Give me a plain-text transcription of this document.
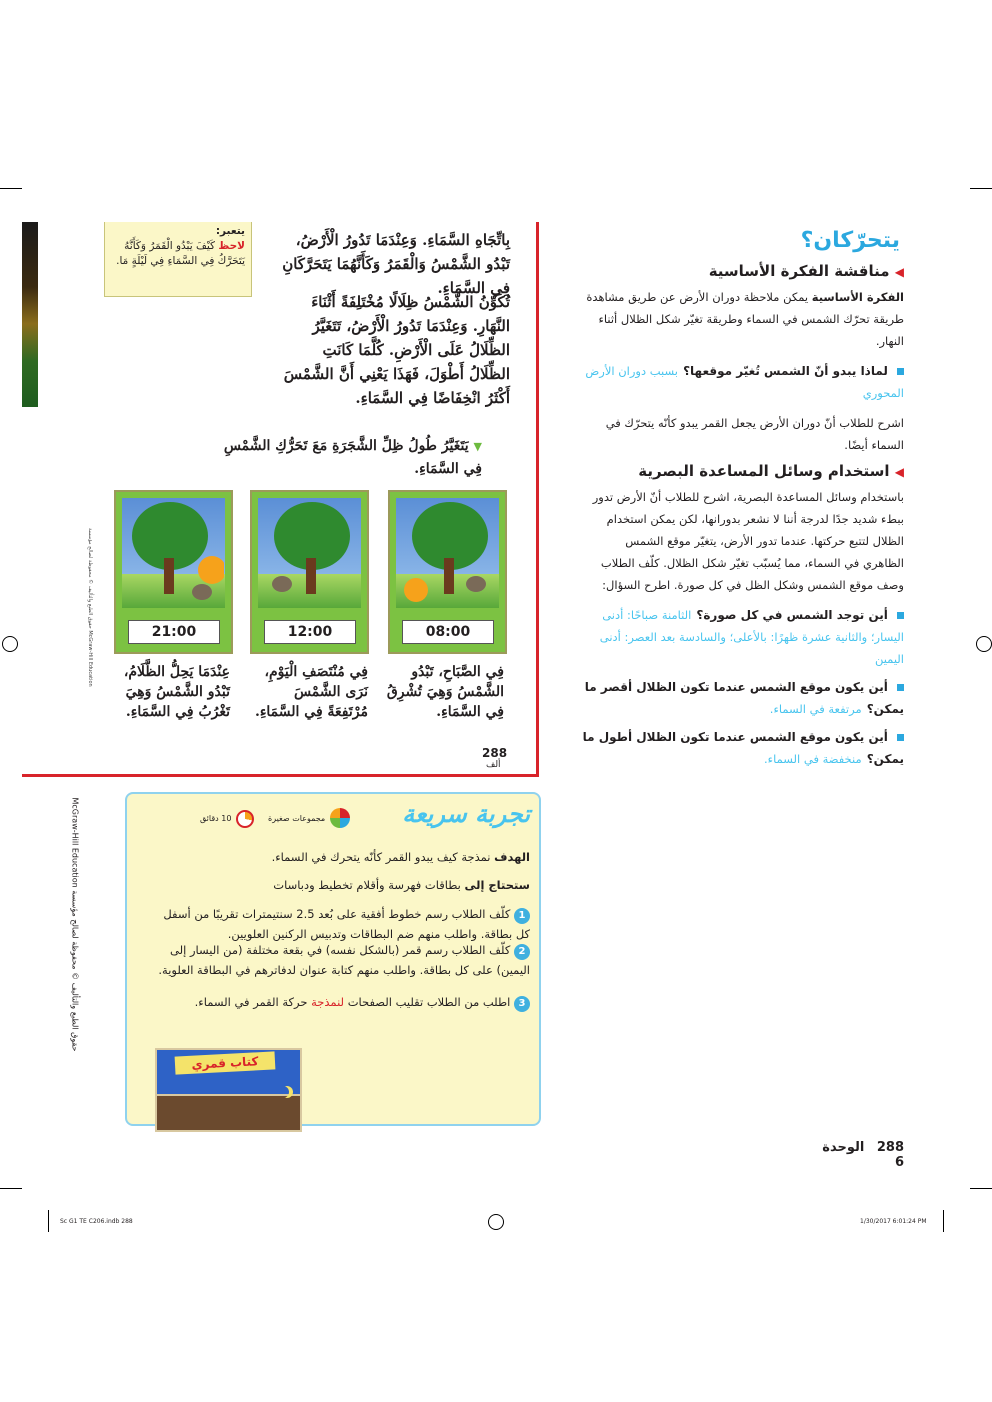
يتعبر:
لاحظ كَيْفَ يَبْدُو الْقَمَرُ وَكَأَنَّهُ يَتَحَرَّكُ فِي السَّمَاءِ فِي لَيْلَةٍ مَا.
بِاتِّجَاهِ السَّمَاءِ. وَعِنْدَمَا تَدُورُ الْأَرْضُ، تَبْدُو الشَّمْسُ وَالْقَمَرُ وَكَأَنَّهُمَا يَتَحَرَّكَانِ فِي السَّمَاءِ.
تُكَوِّنُ الشَّمْسُ ظِلَالًا مُخْتَلِفَةً أَثْنَاءَ النَّهَارِ. وَعِنْدَمَا تَدُورُ الْأَرْضُ، تَتَغَيَّرُ الظِّلَالُ عَلَى الْأَرْضِ. كُلَّمَا كَانَتِ الظِّلَالُ أَطْوَلَ، فَهَذَا يَعْنِي أَنَّ الشَّمْسَ أَكْثَرُ انْخِفَاضًا فِي السَّمَاءِ.
▼ يَتَغَيَّرُ طُولُ ظِلِّ الشَّجَرَةِ مَعَ تَحَرُّكِ الشَّمْسِ فِي السَّمَاءِ.
08:00
12:00
21:00
فِي الصَّبَاحِ، تَبْدُو الشَّمْسُ وَهِيَ تُشْرِقُ فِي السَّمَاءِ.
فِي مُنْتَصَفِ الْيَوْمِ، نَرَى الشَّمْسَ مُرْتَفِعَةً فِي السَّمَاءِ.
عِنْدَمَا يَحِلُّ الظَّلَامُ، تَبْدُو الشَّمْسُ وَهِيَ تَغْرُبُ فِي السَّمَاءِ.
288
ألف
حقوق الطبع والتأليف © محفوظة لصالح مؤسسة McGraw-Hill Education
يتحرّكان؟
◀ مناقشة الفكرة الأساسية
الفكرة الأساسية يمكن ملاحظة دوران الأرض عن طريق مشاهدة طريقة تحرّك الشمس في السماء وطريقة تغيّر شكل الظلال أثناء النهار.
لماذا يبدو أنّ الشمس تُغيّر موقعها؟ بسبب دوران الأرض المحوري
اشرح للطلاب أنّ دوران الأرض يجعل القمر يبدو كأنّه يتحرّك في السماء أيضًا.
◀ استخدام وسائل المساعدة البصرية
باستخدام وسائل المساعدة البصرية، اشرح للطلاب أنّ الأرض تدور ببطء شديد جدًا لدرجة أننا لا نشعر بدورانها، لكن يمكن استخدام الظلال لتتبع حركتها. عندما تدور الأرض، يتغيّر موقع الشمس الظاهري في السماء، مما يُسبّب تغيّر شكل الظلال. كلّف الطلاب وصف موقع الشمس وشكل الظل في كل صورة. اطرح السؤال:
أين توجد الشمس في كل صورة؟ الثامنة صباحًا: أدنى اليسار؛ والثانية عشرة ظهرًا: بالأعلى؛ والسادسة بعد العصر: أدنى اليمين
أين يكون موقع الشمس عندما تكون الظلال أقصر ما يمكن؟ مرتفعة في السماء.
أين يكون موقع الشمس عندما تكون الظلال أطول ما يمكن؟ منخفضة في السماء.
تجربة سريعة
مجموعات صغيرة
10 دقائق
الهدف نمذجة كيف يبدو القمر كأنّه يتحرك في السماء.
ستحتاج إلى بطاقات فهرسة وأقلام تخطيط ودباسات
1 كلّف الطلاب رسم خطوط أفقية على بُعد 2.5 سنتيمترات تقريبًا من أسفل كل بطاقة. واطلب منهم ضم البطاقات وتدبيس الركنين العلويين.
2 كلّف الطلاب رسم قمر (بالشكل نفسه) في بقعة مختلفة (من اليسار إلى اليمين) على كل بطاقة. واطلب منهم كتابة عنوان لدفاترهم في البطاقة العلوية.
3 اطلب من الطلاب تقليب الصفحات لنمذجة حركة القمر في السماء.
كتاب قمري
McGraw-Hill Education حقوق الطبع والتأليف © محفوظة لصالح مؤسسة
288 الوحدة 6
Sc G1 TE C206.indb 288	1/30/2017 6:01:24 PM
